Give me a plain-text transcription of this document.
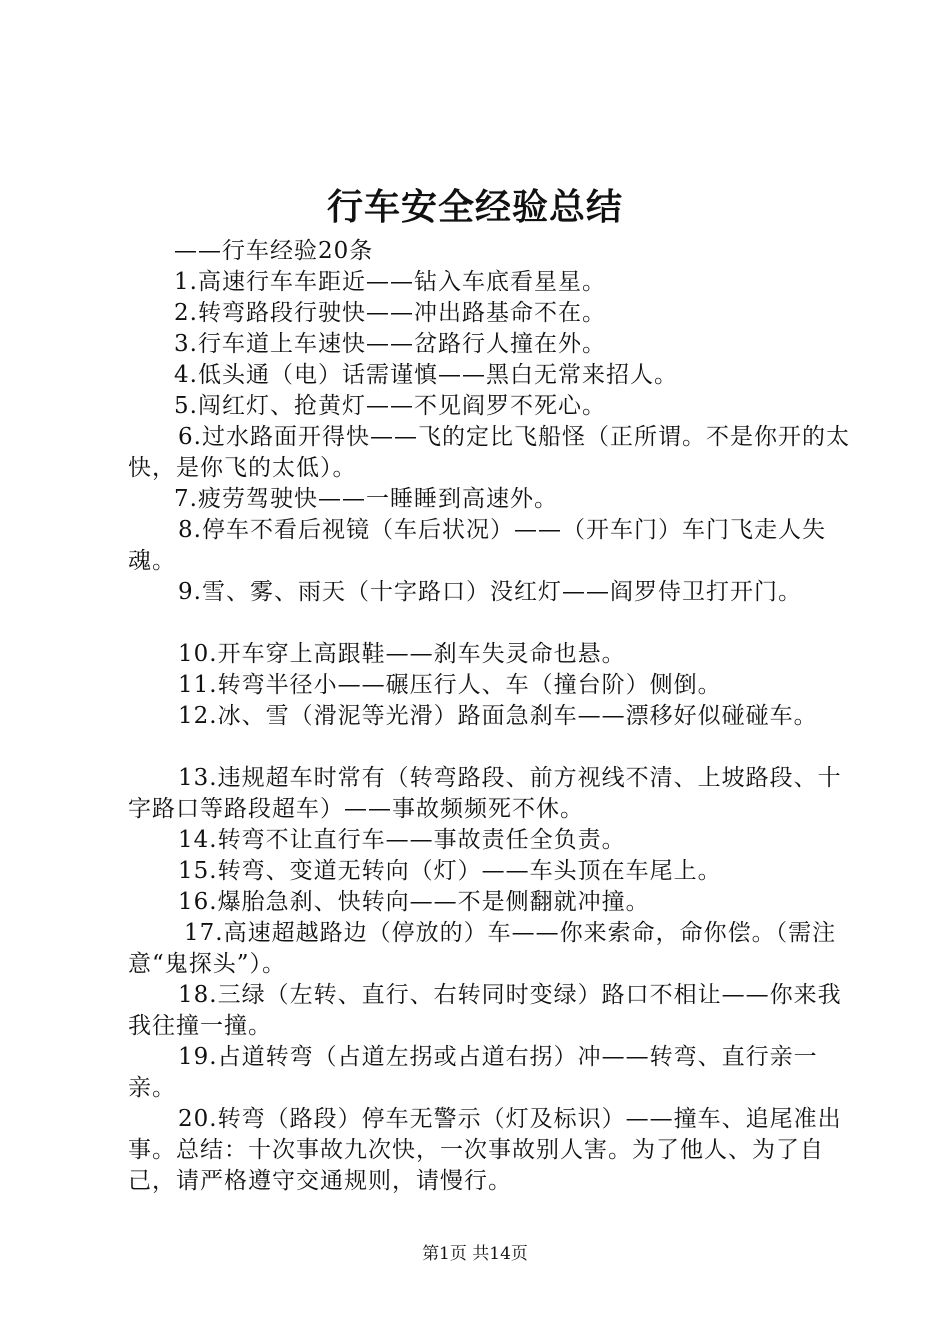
行车安全经验总结

——行车经验20条

1.高速行车车距近——钻入车底看星星。

2.转弯路段行驶快——冲出路基命不在。

3.行车道上车速快——岔路行人撞在外。

4.低头通（电）话需谨慎——黑白无常来招人。

5.闯红灯、抢黄灯——不见阎罗不死心。

6.过水路面开得快——飞的定比飞船怪（正所谓。不是你开的太快，是你飞的太低）。

7.疲劳驾驶快——一睡睡到高速外。

8.停车不看后视镜（车后状况）——（开车门）车门飞走人失魂。

9.雪、雾、雨天（十字路口）没红灯——阎罗侍卫打开门。

10.开车穿上高跟鞋——刹车失灵命也悬。

11.转弯半径小——碾压行人、车（撞台阶）侧倒。

12.冰、雪（滑泥等光滑）路面急刹车——漂移好似碰碰车。

13.违规超车时常有（转弯路段、前方视线不清、上坡路段、十字路口等路段超车）——事故频频死不休。

14.转弯不让直行车——事故责任全负责。

15.转弯、变道无转向（灯）——车头顶在车尾上。

16.爆胎急刹、快转向——不是侧翻就冲撞。

17.高速超越路边（停放的）车——你来索命，命你偿。（需注意“鬼探头”）。

18.三绿（左转、直行、右转同时变绿）路口不相让——你来我我往撞一撞。

19.占道转弯（占道左拐或占道右拐）冲——转弯、直行亲一亲。

20.转弯（路段）停车无警示（灯及标识）——撞车、追尾准出事。总结：十次事故九次快，一次事故别人害。为了他人、为了自己，请严格遵守交通规则，请慢行。

第1页 共14页
